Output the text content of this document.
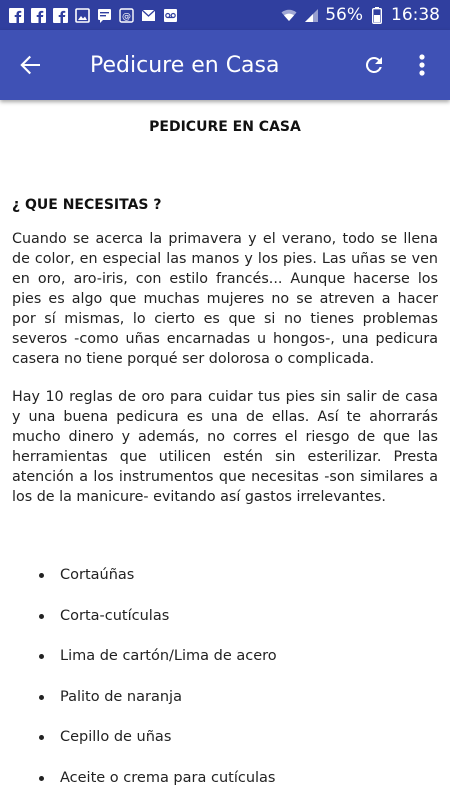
@	56% 16:38
Pedicure en Casa
PEDICURE EN CASA
¿ QUE NECESITAS ?

Cuando se acerca la primavera y el verano, todo se llena de color, en especial las manos y los pies. Las uñas se ven en oro, aro-iris, con estilo francés... Aunque hacerse los pies es algo que muchas mujeres no se atreven a hacer por sí mismas, lo cierto es que si no tienes problemas severos -como uñas encarnadas u hongos-, una pedicura casera no tiene porqué ser dolorosa o complicada.

Hay 10 reglas de oro para cuidar tus pies sin salir de casa y una buena pedicura es una de ellas. Así te ahorrarás mucho dinero y además, no corres el riesgo de que las herramientas que utilicen estén sin esterilizar. Presta atención a los instrumentos que necesitas -son similares a los de la manicure- evitando así gastos irrelevantes.

Cortaúñas
Corta-cutículas
Lima de cartón/Lima de acero
Palito de naranja
Cepillo de uñas
Aceite o crema para cutículas
